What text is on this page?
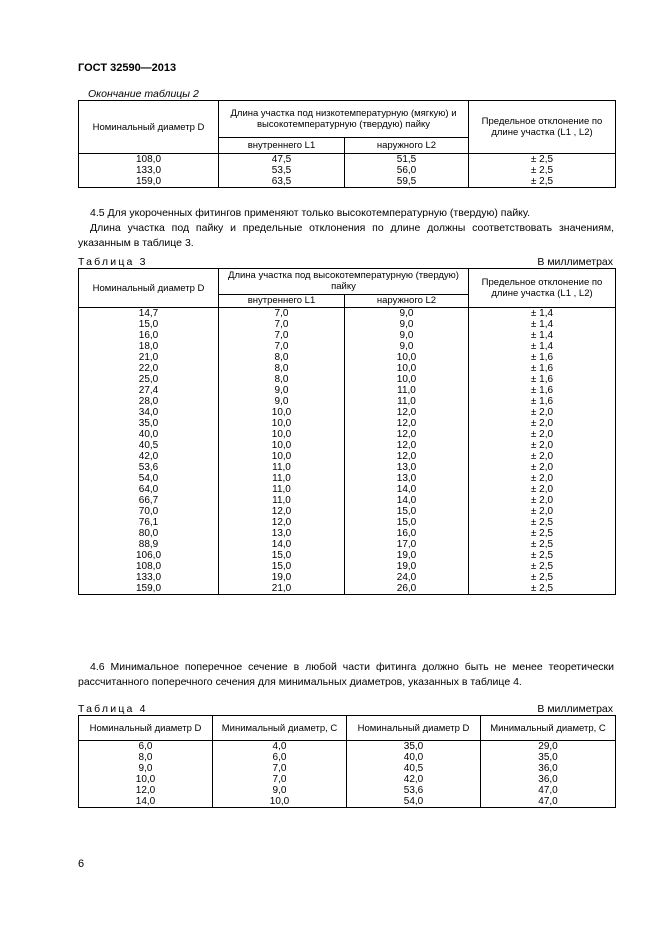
ГОСТ 32590—2013
Окончание таблицы 2
Номинальный диаметр D	Длина участка под низкотемпературную (мягкую) и высокотемпературную (твердую) пайку		Предельное отклонение по длине участка (L1 , L2)
	внутреннего L1	наружного L2	
108,0	47,5	51,5	± 2,5
133,0	53,5	56,0	± 2,5
159,0	63,5	59,5	± 2,5

4.5 Для укороченных фитингов применяют только высокотемпературную (твердую) пайку.

Длина участка под пайку и предельные отклонения по длине должны соответствовать значениям, указанным в таблице 3.

Таблица 3	В миллиметрах
Номинальный диаметр D	Длина участка под высокотемпературную (твердую) пайку		Предельное отклонение по длине участка (L1 , L2)
	внутреннего L1	наружного L2	
14,7	7,0	9,0	± 1,4
15,0	7,0	9,0	± 1,4
16,0	7,0	9,0	± 1,4
18,0	7,0	9,0	± 1,4
21,0	8,0	10,0	± 1,6
22,0	8,0	10,0	± 1,6
25,0	8,0	10,0	± 1,6
27,4	9,0	11,0	± 1,6
28,0	9,0	11,0	± 1,6
34,0	10,0	12,0	± 2,0
35,0	10,0	12,0	± 2,0
40,0	10,0	12,0	± 2,0
40,5	10,0	12,0	± 2,0
42,0	10,0	12,0	± 2,0
53,6	11,0	13,0	± 2,0
54,0	11,0	13,0	± 2,0
64,0	11,0	14,0	± 2,0
66,7	11,0	14,0	± 2,0
70,0	12,0	15,0	± 2,0
76,1	12,0	15,0	± 2,5
80,0	13,0	16,0	± 2,5
88,9	14,0	17,0	± 2,5
106,0	15,0	19,0	± 2,5
108,0	15,0	19,0	± 2,5
133,0	19,0	24,0	± 2,5
159,0	21,0	26,0	± 2,5

4.6 Минимальное поперечное сечение в любой части фитинга должно быть не менее теоретически рассчитанного поперечного сечения для минимальных диаметров, указанных в таблице 4.

Таблица 4	В миллиметрах
Номинальный диаметр D	Минимальный диаметр, C	Номинальный диаметр D	Минимальный диаметр, C
6,0	4,0	35,0	29,0
8,0	6,0	40,0	35,0
9,0	7,0	40,5	36,0
10,0	7,0	42,0	36,0
12,0	9,0	53,6	47,0
14,0	10,0	54,0	47,0
6
